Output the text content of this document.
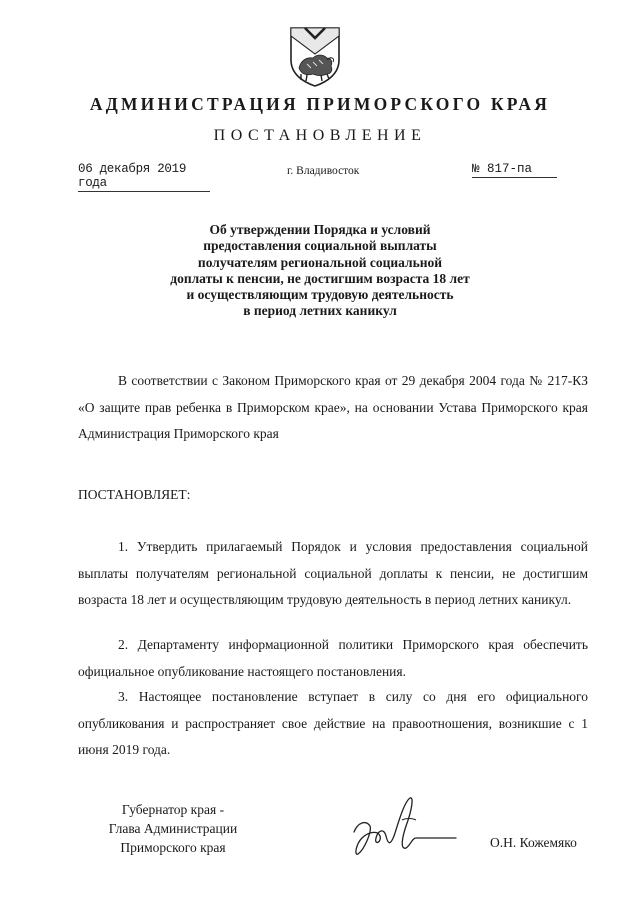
АДМИНИСТРАЦИЯ ПРИМОРСКОГО КРАЯ
ПОСТАНОВЛЕНИЕ
06 декабря 2019 года
г. Владивосток	№ 817-па
Об утверждении Порядка и условий
предоставления социальной выплаты
получателям региональной социальной
доплаты к пенсии, не достигшим возраста 18 лет
и осуществляющим трудовую деятельность
в период летних каникул
В соответствии с Законом Приморского края от 29 декабря 2004 года № 217-КЗ «О защите прав ребенка в Приморском крае», на основании Устава Приморского края Администрация Приморского края
ПОСТАНОВЛЯЕТ:
1. Утвердить прилагаемый Порядок и условия предоставления социальной выплаты получателям региональной социальной доплаты к пенсии, не достигшим возраста 18 лет и осуществляющим трудовую деятельность в период летних каникул.
2. Департаменту информационной политики Приморского края обеспечить официальное опубликование настоящего постановления.
3. Настоящее постановление вступает в силу со дня его официального опубликования и распространяет свое действие на правоотношения, возникшие с 1 июня 2019 года.
Губернатор края -
Глава Администрации
Приморского края	О.Н. Кожемяко
